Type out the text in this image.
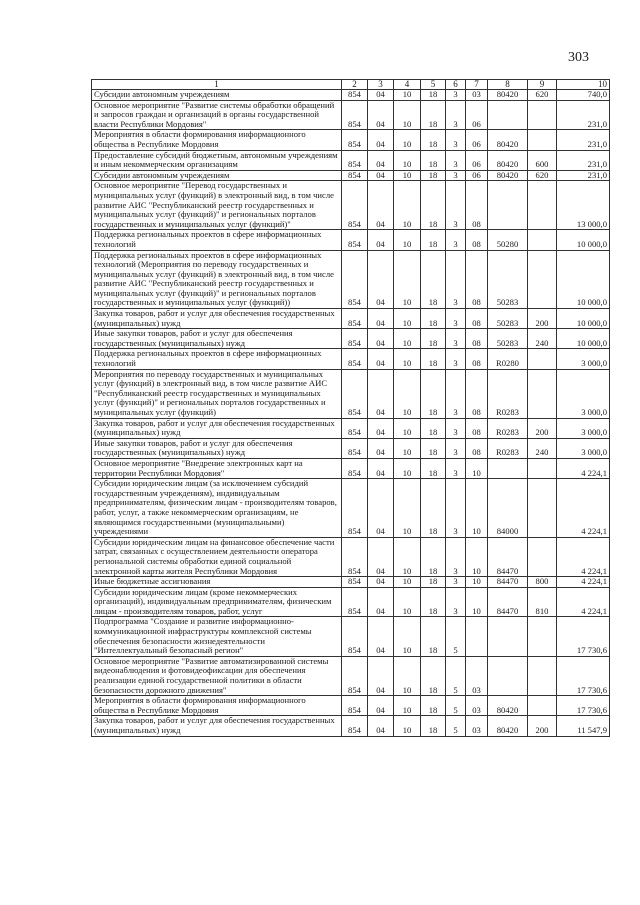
303
1	2	3	4	5	6	7	8	9	10
Субсидии автономным учреждениям	854	04	10	18	3	03	80420	620	740,0
Основное мероприятие "Развитие системы обработки обращений и запросов граждан и организаций в органы государственной власти Республики Мордовия"	854	04	10	18	3	06			231,0
Мероприятия в области формирования информационного общества в Республике Мордовия	854	04	10	18	3	06	80420		231,0
Предоставление субсидий бюджетным, автономным учреждениям и иным некоммерческим организациям	854	04	10	18	3	06	80420	600	231,0
Субсидии автономным учреждениям	854	04	10	18	3	06	80420	620	231,0
Основное мероприятие "Перевод государственных и муниципальных услуг (функций) в электронный вид, в том числе развитие АИС "Республиканский реестр государственных и муниципальных услуг (функций)" и региональных порталов государственных и муниципальных услуг (функций)"	854	04	10	18	3	08			13 000,0
Поддержка региональных проектов в сфере информационных технологий	854	04	10	18	3	08	50280		10 000,0
Поддержка региональных проектов в сфере информационных технологий (Мероприятия по переводу государственных и муниципальных услуг (функций) в электронный вид, в том числе развитие АИС "Республиканский реестр государственных и муниципальных услуг (функций)" и региональных порталов государственных и муниципальных услуг (функций))	854	04	10	18	3	08	50283		10 000,0
Закупка товаров, работ и услуг для обеспечения государственных (муниципальных) нужд	854	04	10	18	3	08	50283	200	10 000,0
Иные закупки товаров, работ и услуг для обеспечения государственных (муниципальных) нужд	854	04	10	18	3	08	50283	240	10 000,0
Поддержка региональных проектов в сфере информационных технологий	854	04	10	18	3	08	R0280		3 000,0
Мероприятия по переводу государственных и муниципальных услуг (функций) в электронный вид, в том числе развитие АИС "Республиканский реестр государственных и муниципальных услуг (функций)" и региональных порталов государственных и муниципальных услуг (функций)	854	04	10	18	3	08	R0283		3 000,0
Закупка товаров, работ и услуг для обеспечения государственных (муниципальных) нужд	854	04	10	18	3	08	R0283	200	3 000,0
Иные закупки товаров, работ и услуг для обеспечения государственных (муниципальных) нужд	854	04	10	18	3	08	R0283	240	3 000,0
Основное мероприятие "Внедрение электронных карт на территории Республики Мордовия"	854	04	10	18	3	10			4 224,1
Субсидии юридическим лицам (за исключением субсидий государственным учреждениям), индивидуальным предпринимателям, физическим лицам - производителям товаров, работ, услуг, а также некоммерческим организациям, не являющимся государственными (муниципальными) учреждениями	854	04	10	18	3	10	84000		4 224,1
Субсидии юридическим лицам на финансовое обеспечение части затрат, связанных с осуществлением деятельности оператора региональной системы обработки единой социальной электронной карты жителя Республики Мордовия	854	04	10	18	3	10	84470		4 224,1
Иные бюджетные ассигнования	854	04	10	18	3	10	84470	800	4 224,1
Субсидии юридическим лицам (кроме некоммерческих организаций), индивидуальным предпринимателям, физическим лицам - производителям товаров, работ, услуг	854	04	10	18	3	10	84470	810	4 224,1
Подпрограмма "Создание и развитие информационно-коммуникационной инфраструктуры комплексной системы обеспечения безопасности жизнедеятельности "Интеллектуальный безопасный регион"	854	04	10	18	5				17 730,6
Основное мероприятие "Развитие автоматизированной системы видеонаблюдения и фотовидеофиксации для обеспечения реализации единой государственной политики в области безопасности дорожного движения"	854	04	10	18	5	03			17 730,6
Мероприятия в области формирования информационного общества в Республике Мордовия	854	04	10	18	5	03	80420		17 730,6
Закупка товаров, работ и услуг для обеспечения государственных (муниципальных) нужд	854	04	10	18	5	03	80420	200	11 547,9
